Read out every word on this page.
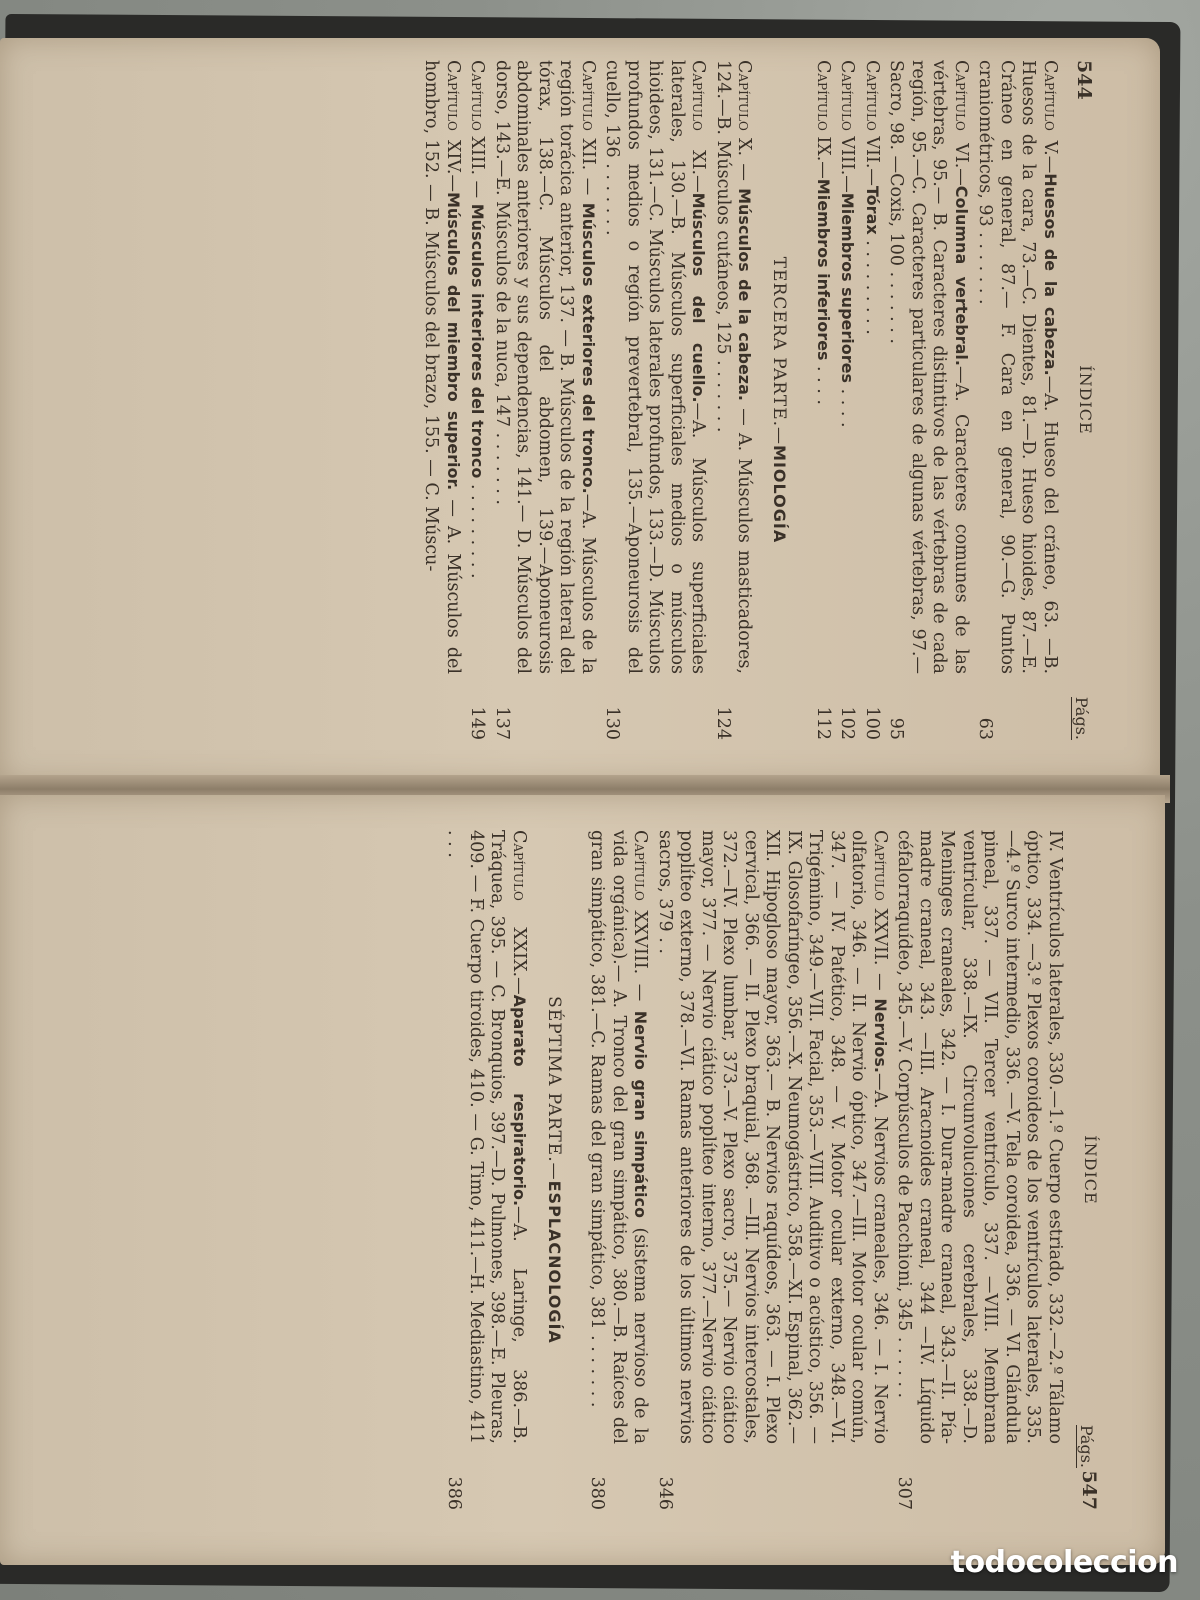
544
ÍNDICE
Págs.
Capítulo V.—Huesos de la cabeza.—A. Hueso del cráneo, 63. —B. Huesos de la cara, 73.—C. Dientes, 81.—D. Hueso hioides, 87.—E. Cráneo en general, 87.— F. Cara en general, 90.—G. Puntos craniométricos, 93 . . . . . . .
63
Capítulo VI.—Columna vertebral.—A. Caracteres comunes de las vértebras, 95.— B. Caracteres distintivos de las vértebras de cada región, 95.—C. Caracteres particulares de algunas vértebras, 97.—Sacro, 98. —Coxis, 100 . . . . . . .
95
Capítulo VII.—Tórax . . . . . . . . .
100
Capítulo VIII.—Miembros superiores . . . .
102
Capítulo IX.—Miembros inferiores . . . .
112
TERCERA PARTE.—MIOLOGÍA
Capítulo X. — Músculos de la cabeza. — A. Músculos masticadores, 124.—B. Músculos cutáneos, 125 . . . . . . .
124
Capítulo XI.—Músculos del cuello.—A. Músculos superficiales laterales, 130.—B. Músculos superficiales medios o músculos hioideos, 131.—C. Músculos laterales profundos, 133.—D. Músculos profundos medios o región prevertebral, 135.—Aponeurosis del cuello, 136 . . . . . . .
130
Capítulo XII. — Músculos exteriores del tronco.—A. Músculos de la región torácica anterior, 137. — B. Músculos de la región lateral del tórax, 138.—C. Músculos del abdomen, 139.—Aponeurosis abdominales anteriores y sus dependencias, 141.— D. Músculos del dorso, 143.—E. Músculos de la nuca, 147 . . . . . . .
137
Capítulo XIII. — Músculos interiores del tronco . . . . . . . . .
149
Capítulo XIV.—Músculos del miembro superior. — A. Músculos del hombro, 152. — B. Músculos del brazo, 155. — C. Múscu-
ÍNDICE
Págs.
547
IV. Ventrículos laterales, 330.—1.º Cuerpo estriado, 332.—2.º Tálamo óptico, 334. —3.º Plexos coroideos de los ventrículos laterales, 335.—4.º Surco intermedio, 336. —V. Tela coroidea, 336. — VI. Glándula pineal, 337. — VII. Tercer ventrículo, 337. —VIII. Membrana ventricular, 338.—IX. Circunvoluciones cerebrales, 338.—D. Meninges craneales, 342. — I. Dura-madre craneal, 343.—II. Pía-madre craneal, 343. —III. Aracnoides craneal, 344 —IV. Líquido céfalorraquídeo, 345.—V. Corpúsculos de Pacchioni, 345 . . . . . .
307
Capítulo XXVII. — Nervios.—A. Nervios craneales, 346. — I. Nervio olfatorio, 346. — II. Nervio óptico, 347.—III. Motor ocular común, 347. — IV. Patético, 348. — V. Motor ocular externo, 348.—VI. Trigémino, 349.—VII. Facial, 353.—VIII. Auditivo o acústico, 356. — IX. Glosofaríngeo, 356.—X. Neumogástrico, 358.—XI. Espinal, 362.—XII. Hipogloso mayor, 363.— B. Nervios raquídeos, 363. — I. Plexo cervical, 366. — II. Plexo braquial, 368. —III. Nervios intercostales, 372.—IV. Plexo lumbar, 373.—V. Plexo sacro, 375.— Nervio ciático mayor, 377. — Nervio ciático poplíteo interno, 377.—Nervio ciático poplíteo externo, 378.—VI. Ramas anteriores de los últimos nervios sacros, 379 . .
346
Capítulo XXVIII. — Nervio gran simpático (sistema nervioso de la vida orgánica).— A. Tronco del gran simpático, 380.—B. Raíces del gran simpático, 381.—C. Ramas del gran simpático, 381 . . . . . . .
380
SÉPTIMA PARTE.—ESPLACNOLOGÍA
Capítulo XXIX.—Aparato respiratorio.—A. Laringe, 386.—B. Tráquea, 395. — C. Bronquios, 397.—D. Pulmones, 398.—E. Pleuras, 409. — F. Cuerpo tiroides, 410. — G. Timo, 411.—H. Mediastino, 411 . . .
386
todocoleccion
